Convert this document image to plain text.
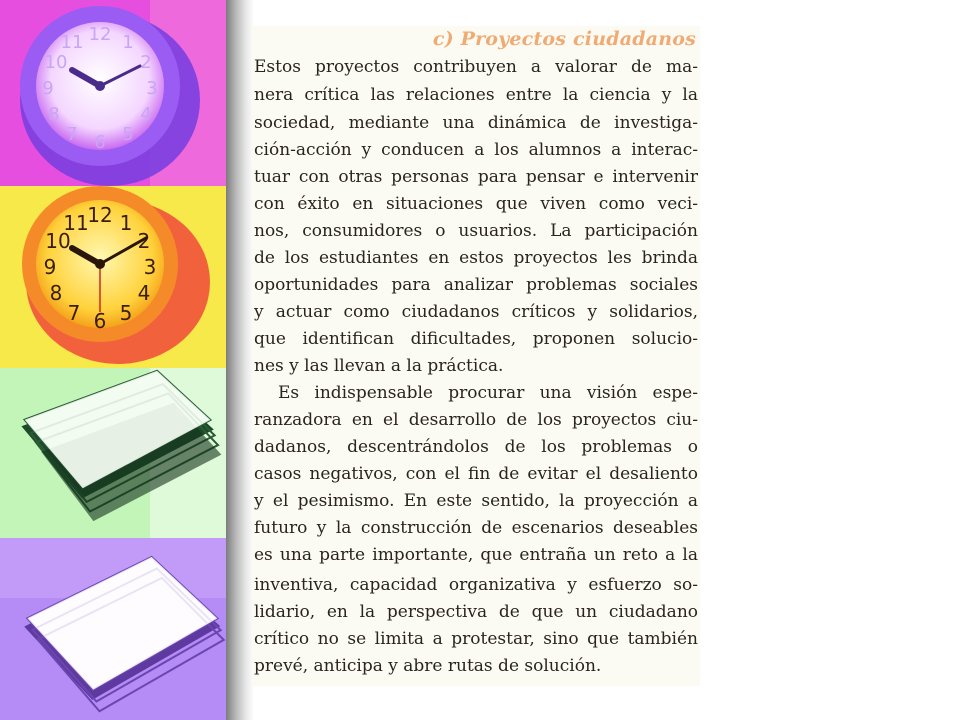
12 1
2
3
4
5
6
7
8
9
10
11
12 1
2
3
4
5
6
7
8
9
10
11
c) Proyectos ciudadanos
Estos proyectos contribuyen a valorar de ma-
nera crítica las relaciones entre la ciencia y la
sociedad, mediante una dinámica de investiga-
ción-acción y conducen a los alumnos a interac-
tuar con otras personas para pensar e intervenir
con éxito en situaciones que viven como veci-
nos, consumidores o usuarios. La participación
de los estudiantes en estos proyectos les brinda
oportunidades para analizar problemas sociales
y actuar como ciudadanos críticos y solidarios,
que identifican dificultades, proponen solucio-
nes y las llevan a la práctica.
Es indispensable procurar una visión espe-
ranzadora en el desarrollo de los proyectos ciu-
dadanos, descentrándolos de los problemas o
casos negativos, con el fin de evitar el desaliento
y el pesimismo. En este sentido, la proyección a
futuro y la construcción de escenarios deseables
es una parte importante, que entraña un reto a la
inventiva, capacidad organizativa y esfuerzo so-
lidario, en la perspectiva de que un ciudadano
crítico no se limita a protestar, sino que también
prevé, anticipa y abre rutas de solución.
